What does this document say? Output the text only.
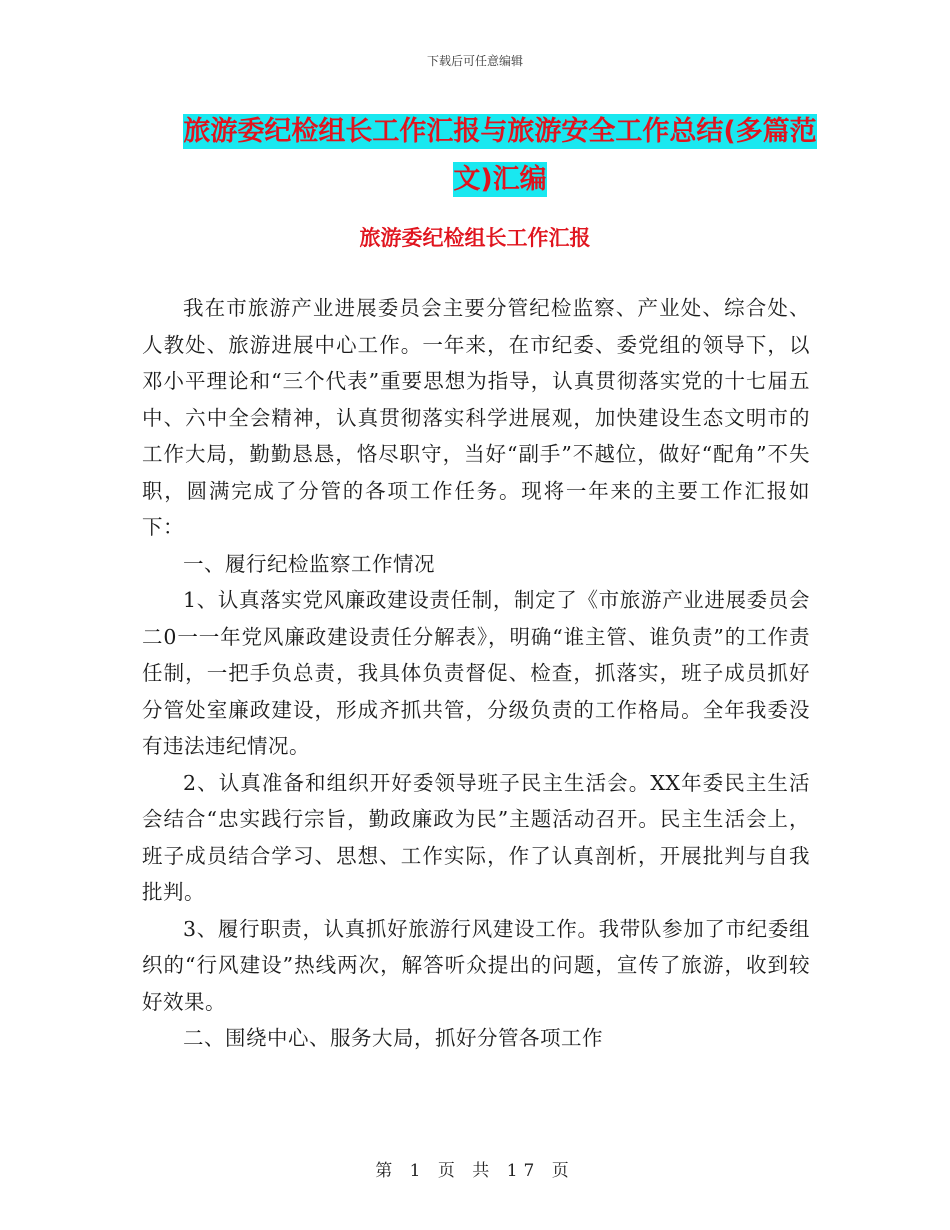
下载后可任意编辑
旅游委纪检组长工作汇报与旅游安全工作总结(多篇范
文)汇编
旅游委纪检组长工作汇报

我在市旅游产业进展委员会主要分管纪检监察、产业处、综合处、人教处、旅游进展中心工作。一年来，在市纪委、委党组的领导下，以邓小平理论和“三个代表”重要思想为指导，认真贯彻落实党的十七届五中、六中全会精神，认真贯彻落实科学进展观，加快建设生态文明市的工作大局，勤勤恳恳，恪尽职守，当好“副手”不越位，做好“配角”不失职，圆满完成了分管的各项工作任务。现将一年来的主要工作汇报如下：

一、履行纪检监察工作情况

1、认真落实党风廉政建设责任制，制定了《市旅游产业进展委员会二0一一年党风廉政建设责任分解表》，明确“谁主管、谁负责”的工作责任制，一把手负总责，我具体负责督促、检查，抓落实，班子成员抓好分管处室廉政建设，形成齐抓共管，分级负责的工作格局。全年我委没有违法违纪情况。

2、认真准备和组织开好委领导班子民主生活会。XX年委民主生活会结合“忠实践行宗旨，勤政廉政为民”主题活动召开。民主生活会上，班子成员结合学习、思想、工作实际，作了认真剖析，开展批判与自我批判。

3、履行职责，认真抓好旅游行风建设工作。我带队参加了市纪委组织的“行风建设”热线两次，解答听众提出的问题，宣传了旅游，收到较好效果。

二、围绕中心、服务大局，抓好分管各项工作

第 1 页 共 17 页
